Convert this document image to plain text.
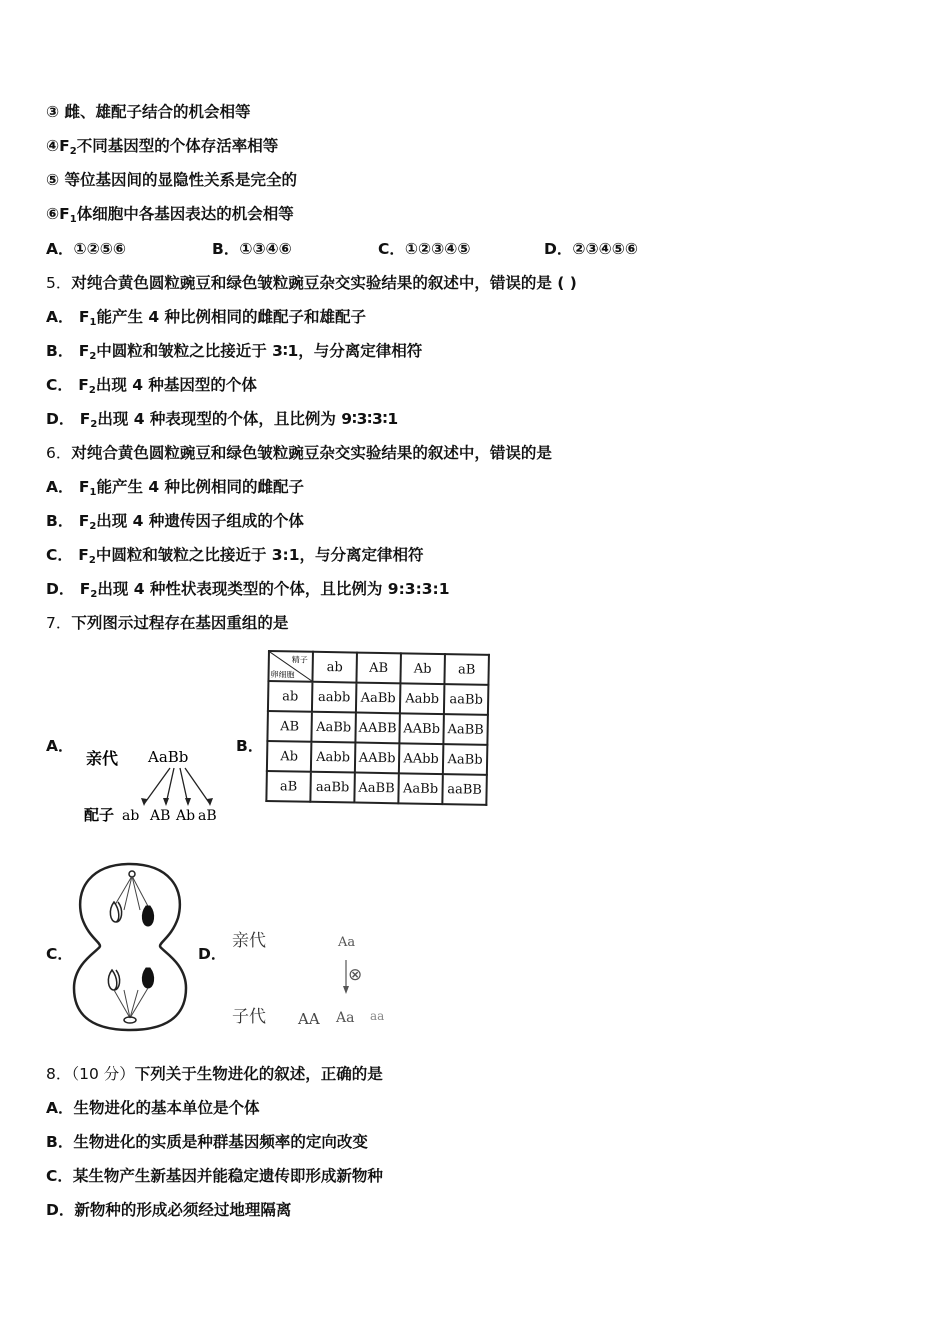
③ 雌、雄配子结合的机会相等
$④F_2$不同基因型的个体存活率相等
⑤ 等位基因间的显隐性关系是完全的
$⑥F_1$体细胞中各基因表达的机会相等
A．①②⑤⑥	B．①③④⑥	C．①②③④⑤	D．②③④⑤⑥
5．对纯合黄色圆粒豌豆和绿色皱粒豌豆杂交实验结果的叙述中，错误的是 ( )
A． $F_1$能产生 4 种比例相同的雌配子和雄配子
B． $F_2$中圆粒和皱粒之比接近于 3∶1，与分离定律相符
C． $F_2$出现 4 种基因型的个体
D． $F_2$出现 4 种表现型的个体，且比例为 9∶3∶3∶1
6．对纯合黄色圆粒豌豆和绿色皱粒豌豆杂交实验结果的叙述中，错误的是
A． $F_1$能产生 4 种比例相同的雌配子
B． $F_2$出现 4 种遗传因子组成的个体
C． $F_2$中圆粒和皱粒之比接近于 3:1，与分离定律相符
D． $F_2$出现 4 种性状表现类型的个体，且比例为 9:3:3:1
7．下列图示过程存在基因重组的是
A．
亲代 AaBb
配子 ab AB Ab aB
B．
精子
卵细胞	ab	AB	Ab	aB
ab	aabb	AaBb	Aabb	aaBb
AB	AaBb	AABB	AABb	AaBB
Ab	Aabb	AABb	AAbb	AaBb
aB	aaBb	AaBB	AaBb	aaBB
C．	D．
亲代	Aa
⊗
子代 AA Aa aa
8．（10 分）下列关于生物进化的叙述，正确的是
A．生物进化的基本单位是个体
B．生物进化的实质是种群基因频率的定向改变
C．某生物产生新基因并能稳定遗传即形成新物种
D．新物种的形成必须经过地理隔离
